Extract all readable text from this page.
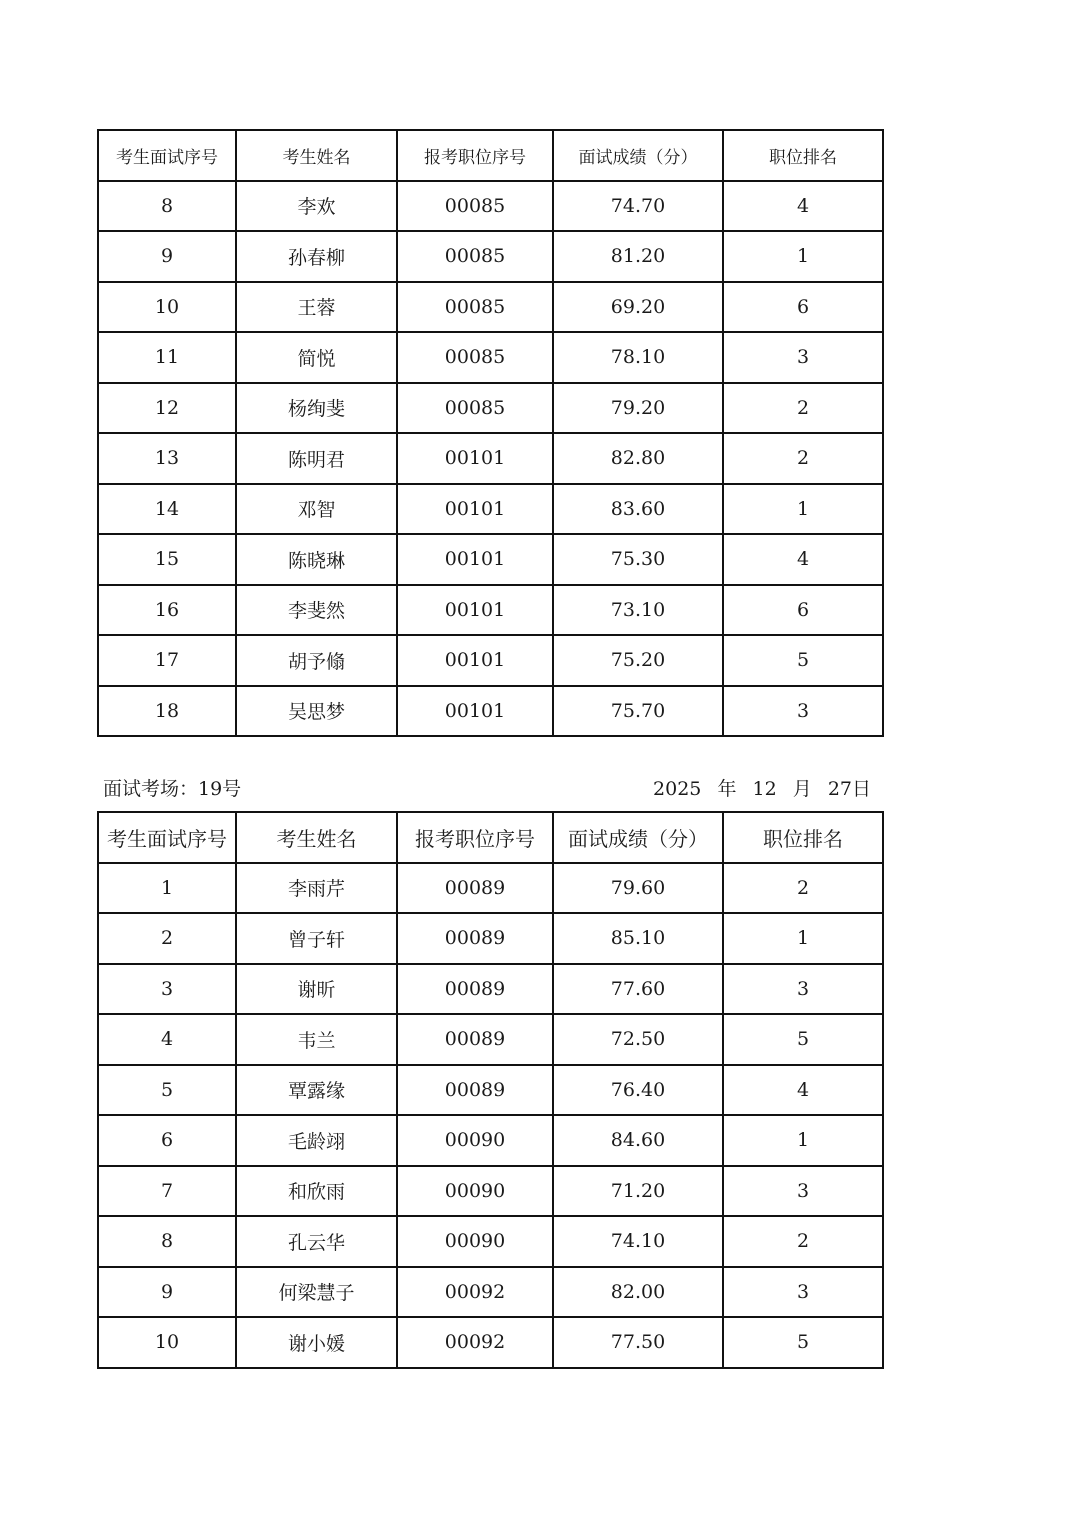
考生面试序号	考生姓名	报考职位序号	面试成绩（分）	职位排名
8	李欢	00085	74.70	4
9	孙春柳	00085	81.20	1
10	王蓉	00085	69.20	6
11	简悦	00085	78.10	3
12	杨绚斐	00085	79.20	2
13	陈明君	00101	82.80	2
14	邓智	00101	83.60	1
15	陈晓琳	00101	75.30	4
16	李斐然	00101	73.10	6
17	胡予翛	00101	75.20	5
18	吴思梦	00101	75.70	3
面试考场：19号	2025 年 12 月 27日
考生面试序号	考生姓名	报考职位序号	面试成绩（分）	职位排名
1	李雨芹	00089	79.60	2
2	曾子轩	00089	85.10	1
3	谢昕	00089	77.60	3
4	韦兰	00089	72.50	5
5	覃露缘	00089	76.40	4
6	毛龄翊	00090	84.60	1
7	和欣雨	00090	71.20	3
8	孔云华	00090	74.10	2
9	何梁慧子	00092	82.00	3
10	谢小媛	00092	77.50	5
